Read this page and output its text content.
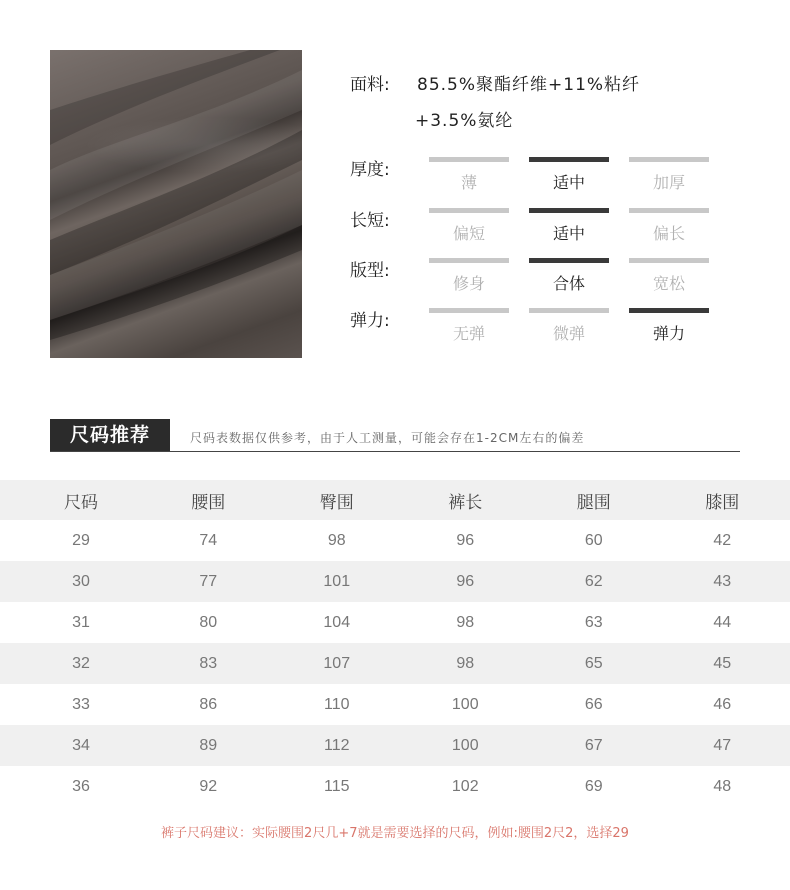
面料: 85.5%聚酯纤维+11%粘纤
+3.5%氨纶
厚度:
薄	适中	加厚
长短:
偏短	适中	偏长
版型:
修身	合体	宽松
弹力:
无弹	微弹	弹力
尺码推荐	尺码表数据仅供参考，由于人工测量，可能会存在1-2CM左右的偏差
尺码	腰围	臀围	裤长	腿围	膝围
29	74	98	96	60	42
30	77	101	96	62	43
31	80	104	98	63	44
32	83	107	98	65	45
33	86	110	100	66	46
34	89	112	100	67	47
36	92	115	102	69	48
裤子尺码建议：实际腰围2尺几+7就是需要选择的尺码，例如:腰围2尺2，选择29
